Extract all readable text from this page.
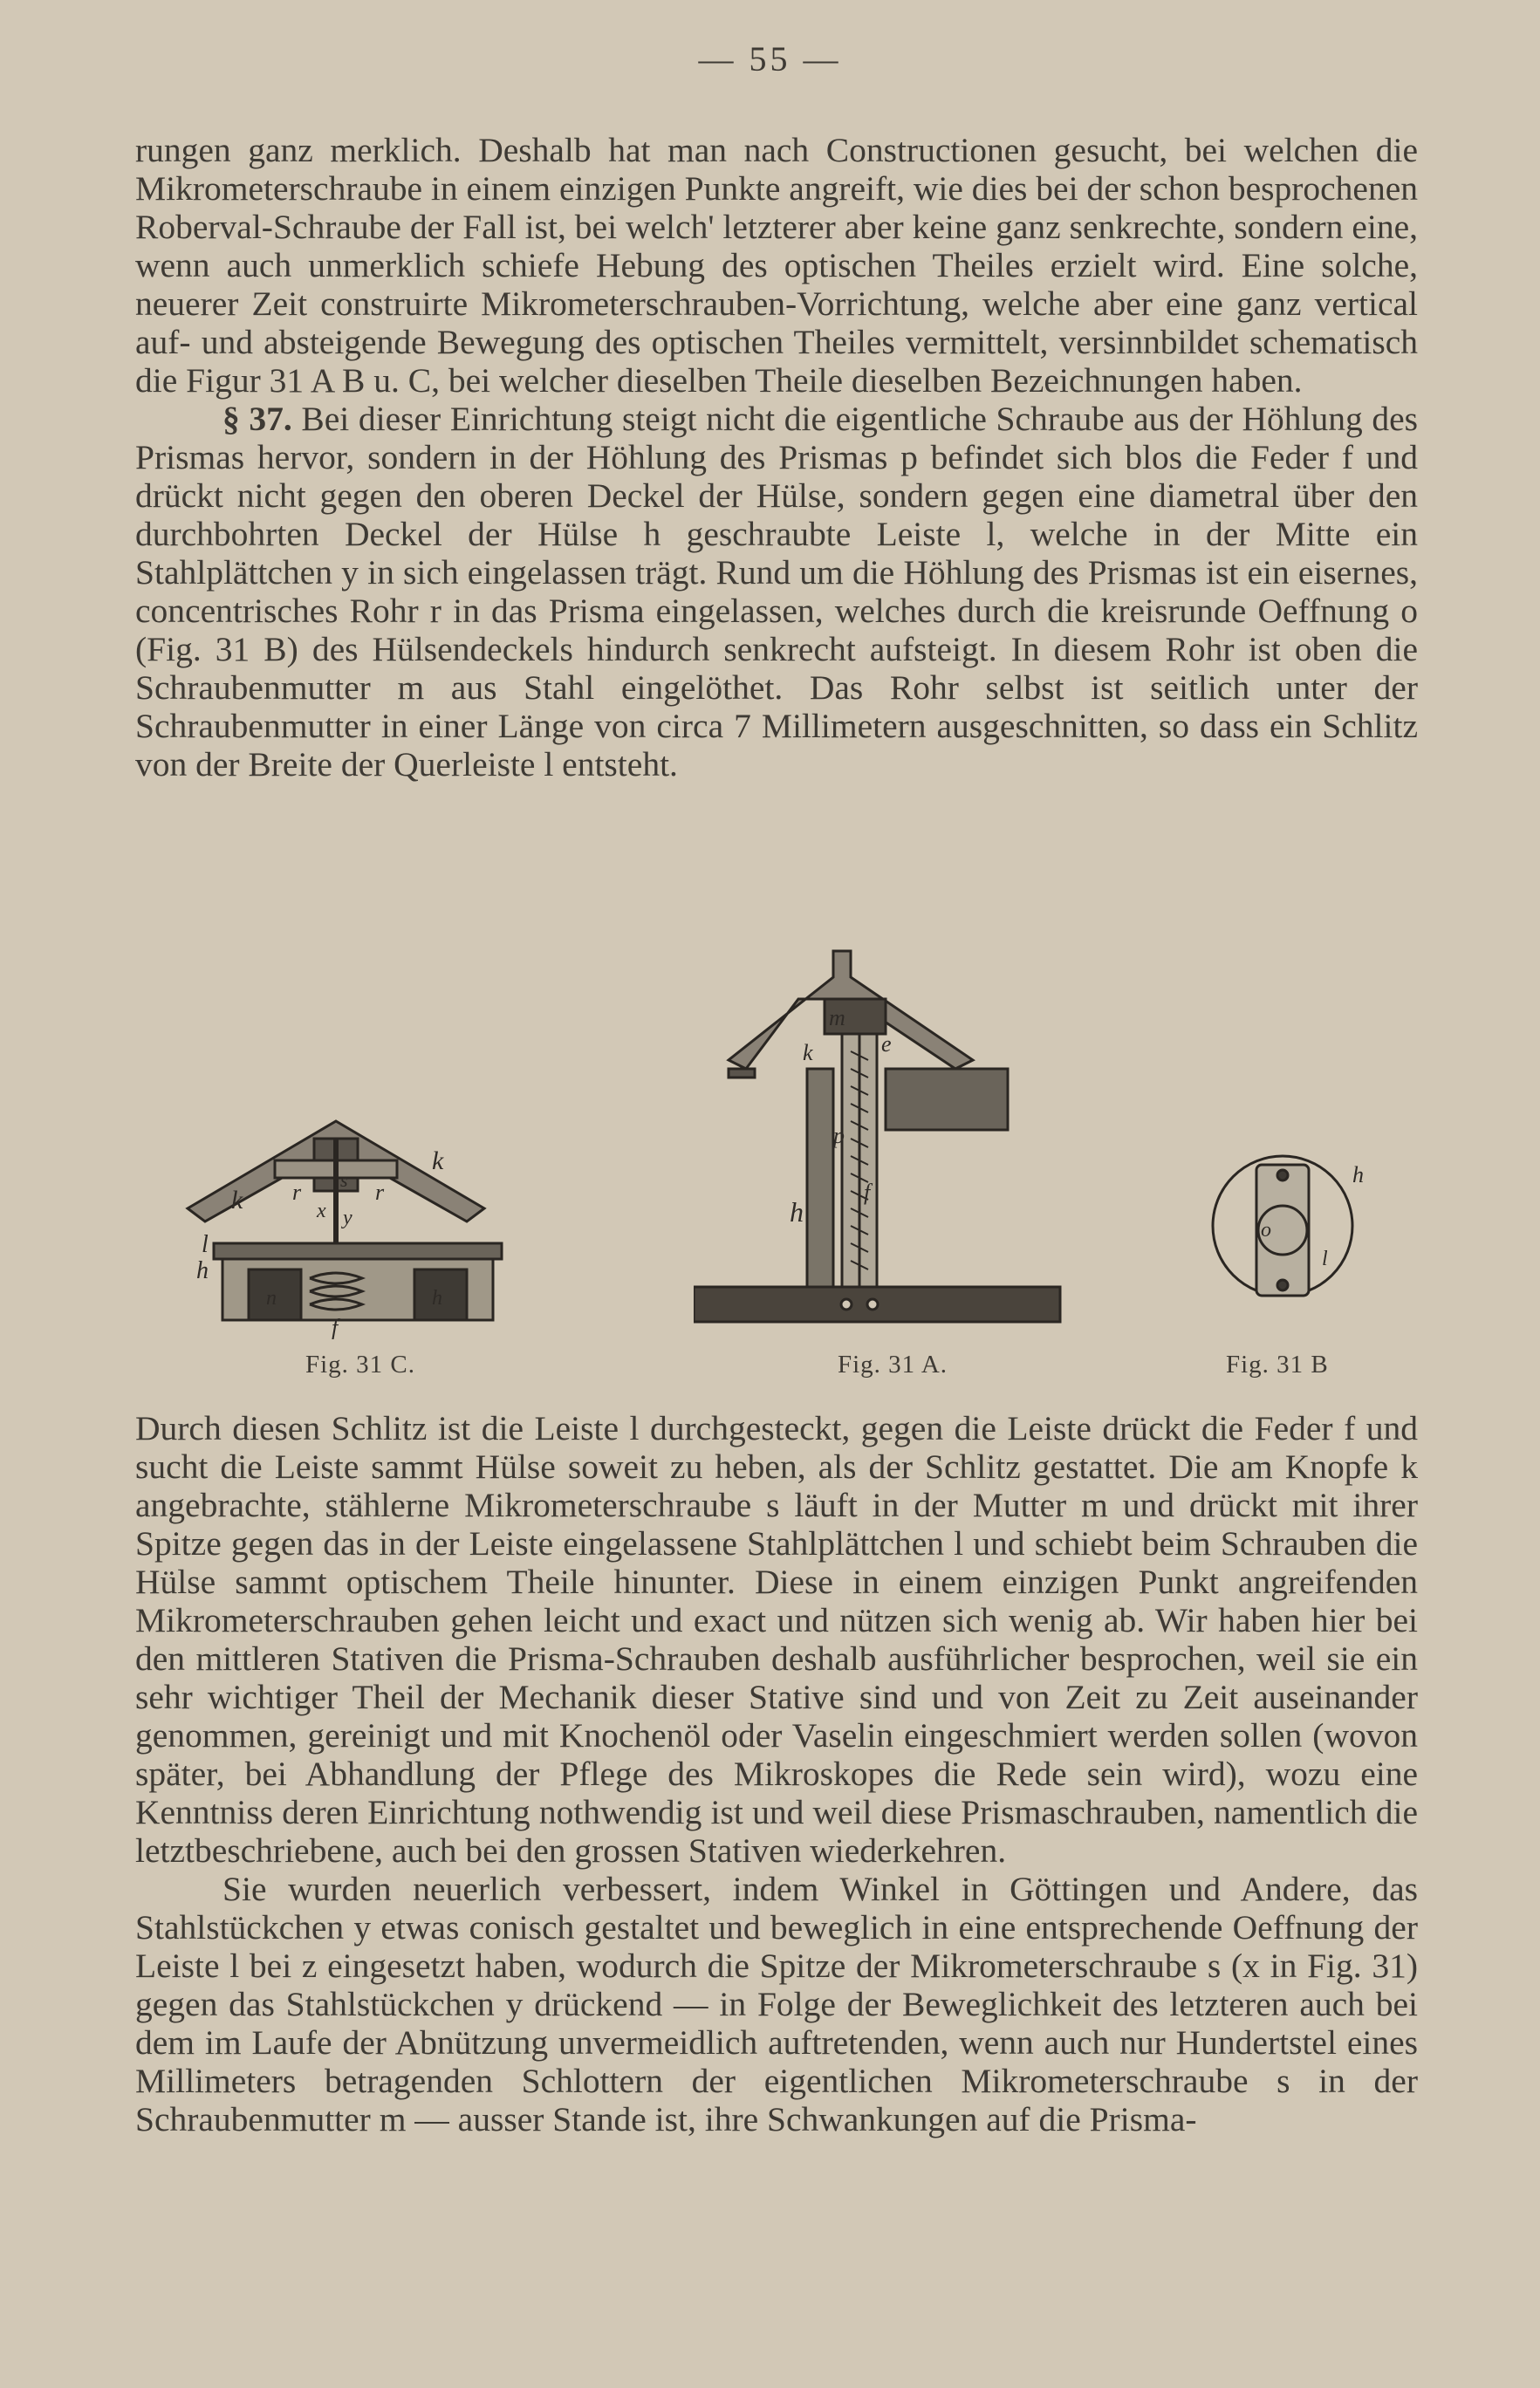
— 55 —

rungen ganz merklich. Deshalb hat man nach Constructionen gesucht, bei welchen die Mikrometerschraube in einem einzigen Punkte angreift, wie dies bei der schon besprochenen Roberval-Schraube der Fall ist, bei welch' letzterer aber keine ganz senkrechte, sondern eine, wenn auch unmerklich schiefe Hebung des optischen Theiles erzielt wird. Eine solche, neuerer Zeit construirte Mikrometerschrauben-Vorrichtung, welche aber eine ganz vertical auf- und absteigende Bewegung des optischen Theiles vermittelt, versinnbildet schematisch die Figur 31 A B u. C, bei welcher dieselben Theile dieselben Bezeichnungen haben.

§ 37. Bei dieser Einrichtung steigt nicht die eigentliche Schraube aus der Höhlung des Prismas hervor, sondern in der Höhlung des Prismas p befindet sich blos die Feder f und drückt nicht gegen den oberen Deckel der Hülse, sondern gegen eine diametral über den durchbohrten Deckel der Hülse h geschraubte Leiste l, welche in der Mitte ein Stahlplättchen y in sich eingelassen trägt. Rund um die Höhlung des Prismas ist ein eisernes, concentrisches Rohr r in das Prisma eingelassen, welches durch die kreisrunde Oeffnung o (Fig. 31 B) des Hülsendeckels hindurch senkrecht aufsteigt. In diesem Rohr ist oben die Schraubenmutter m aus Stahl eingelöthet. Das Rohr selbst ist seitlich unter der Schraubenmutter in einer Länge von circa 7 Millimetern ausgeschnitten, so dass ein Schlitz von der Breite der Querleiste l entsteht.

k
k
r	r
s
x y
l
h
n	h
f
Fig. 31 C.
m
k	e
p
h
f
Fig. 31 A.
h
o
l
Fig. 31 B

Durch diesen Schlitz ist die Leiste l durchgesteckt, gegen die Leiste drückt die Feder f und sucht die Leiste sammt Hülse soweit zu heben, als der Schlitz gestattet. Die am Knopfe k angebrachte, stählerne Mikrometerschraube s läuft in der Mutter m und drückt mit ihrer Spitze gegen das in der Leiste eingelassene Stahlplättchen l und schiebt beim Schrauben die Hülse sammt optischem Theile hinunter. Diese in einem einzigen Punkt angreifenden Mikrometerschrauben gehen leicht und exact und nützen sich wenig ab. Wir haben hier bei den mittleren Stativen die Prisma-Schrauben deshalb ausführlicher besprochen, weil sie ein sehr wichtiger Theil der Mechanik dieser Stative sind und von Zeit zu Zeit auseinander genommen, gereinigt und mit Knochenöl oder Vaselin eingeschmiert werden sollen (wovon später, bei Abhandlung der Pflege des Mikroskopes die Rede sein wird), wozu eine Kenntniss deren Einrichtung nothwendig ist und weil diese Prismaschrauben, namentlich die letztbeschriebene, auch bei den grossen Stativen wiederkehren.

Sie wurden neuerlich verbessert, indem Winkel in Göttingen und Andere, das Stahlstückchen y etwas conisch gestaltet und beweglich in eine entsprechende Oeffnung der Leiste l bei z eingesetzt haben, wodurch die Spitze der Mikrometerschraube s (x in Fig. 31) gegen das Stahlstückchen y drückend — in Folge der Beweglichkeit des letzteren auch bei dem im Laufe der Abnützung unvermeidlich auftretenden, wenn auch nur Hundertstel eines Millimeters betragenden Schlottern der eigentlichen Mikrometerschraube s in der Schraubenmutter m — ausser Stande ist, ihre Schwankungen auf die Prisma-
